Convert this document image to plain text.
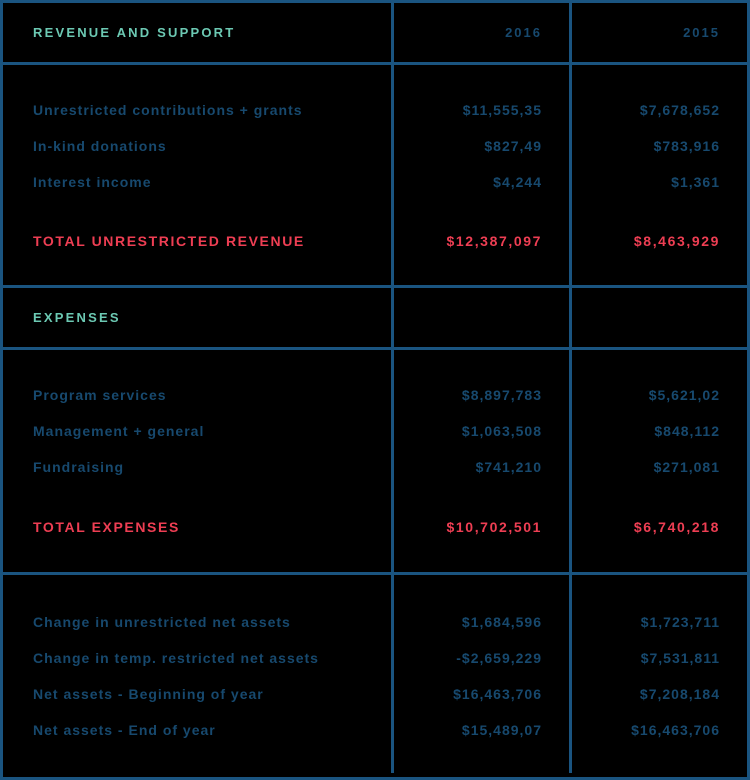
REVENUE AND SUPPORT	2016	2015
Unrestricted contributions + grants
In-kind donations
Interest income
TOTAL UNRESTRICTED REVENUE
$11,555,35
$827,49
$4,244
$12,387,097
$7,678,652
$783,916
$1,361
$8,463,929
EXPENSES
Program services
Management + general
Fundraising
TOTAL EXPENSES
$8,897,783
$1,063,508
$741,210
$10,702,501
$5,621,02
$848,112
$271,081
$6,740,218
Change in unrestricted net assets
Change in temp. restricted net assets
Net assets - Beginning of year
Net assets - End of year
$1,684,596
-$2,659,229
$16,463,706
$15,489,07
$1,723,711
$7,531,811
$7,208,184
$16,463,706
